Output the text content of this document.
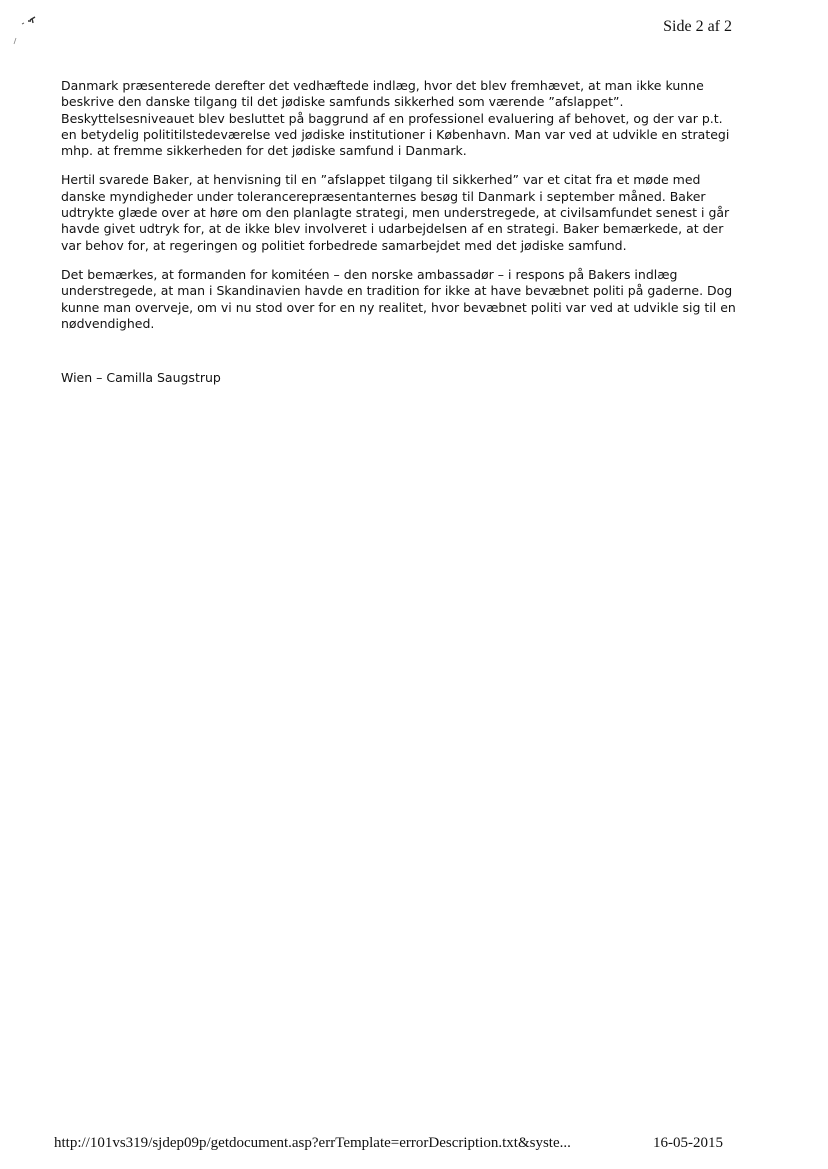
Side 2 af 2

Danmark præsenterede derefter det vedhæftede indlæg, hvor det blev fremhævet, at man ikke kunne beskrive den danske tilgang til det jødiske samfunds sikkerhed som værende ”afslappet”. Beskyttelsesniveauet blev besluttet på baggrund af en professionel evaluering af behovet, og der var p.t. en betydelig polititilstedeværelse ved jødiske institutioner i København. Man var ved at udvikle en strategi mhp. at fremme sikkerheden for det jødiske samfund i Danmark.

Hertil svarede Baker, at henvisning til en ”afslappet tilgang til sikkerhed” var et citat fra et møde med danske myndigheder under tolerancerepræsentanternes besøg til Danmark i september måned. Baker udtrykte glæde over at høre om den planlagte strategi, men understregede, at civilsamfundet senest i går havde givet udtryk for, at de ikke blev involveret i udarbejdelsen af en strategi. Baker bemærkede, at der var behov for, at regeringen og politiet forbedrede samarbejdet med det jødiske samfund.

Det bemærkes, at formanden for komitéen – den norske ambassadør – i respons på Bakers indlæg understregede, at man i Skandinavien havde en tradition for ikke at have bevæbnet politi på gaderne. Dog kunne man overveje, om vi nu stod over for en ny realitet, hvor bevæbnet politi var ved at udvikle sig til en nødvendighed.

Wien – Camilla Saugstrup
http://101vs319/sjdep09p/getdocument.asp?errTemplate=errorDescription.txt&syste...	16-05-2015
